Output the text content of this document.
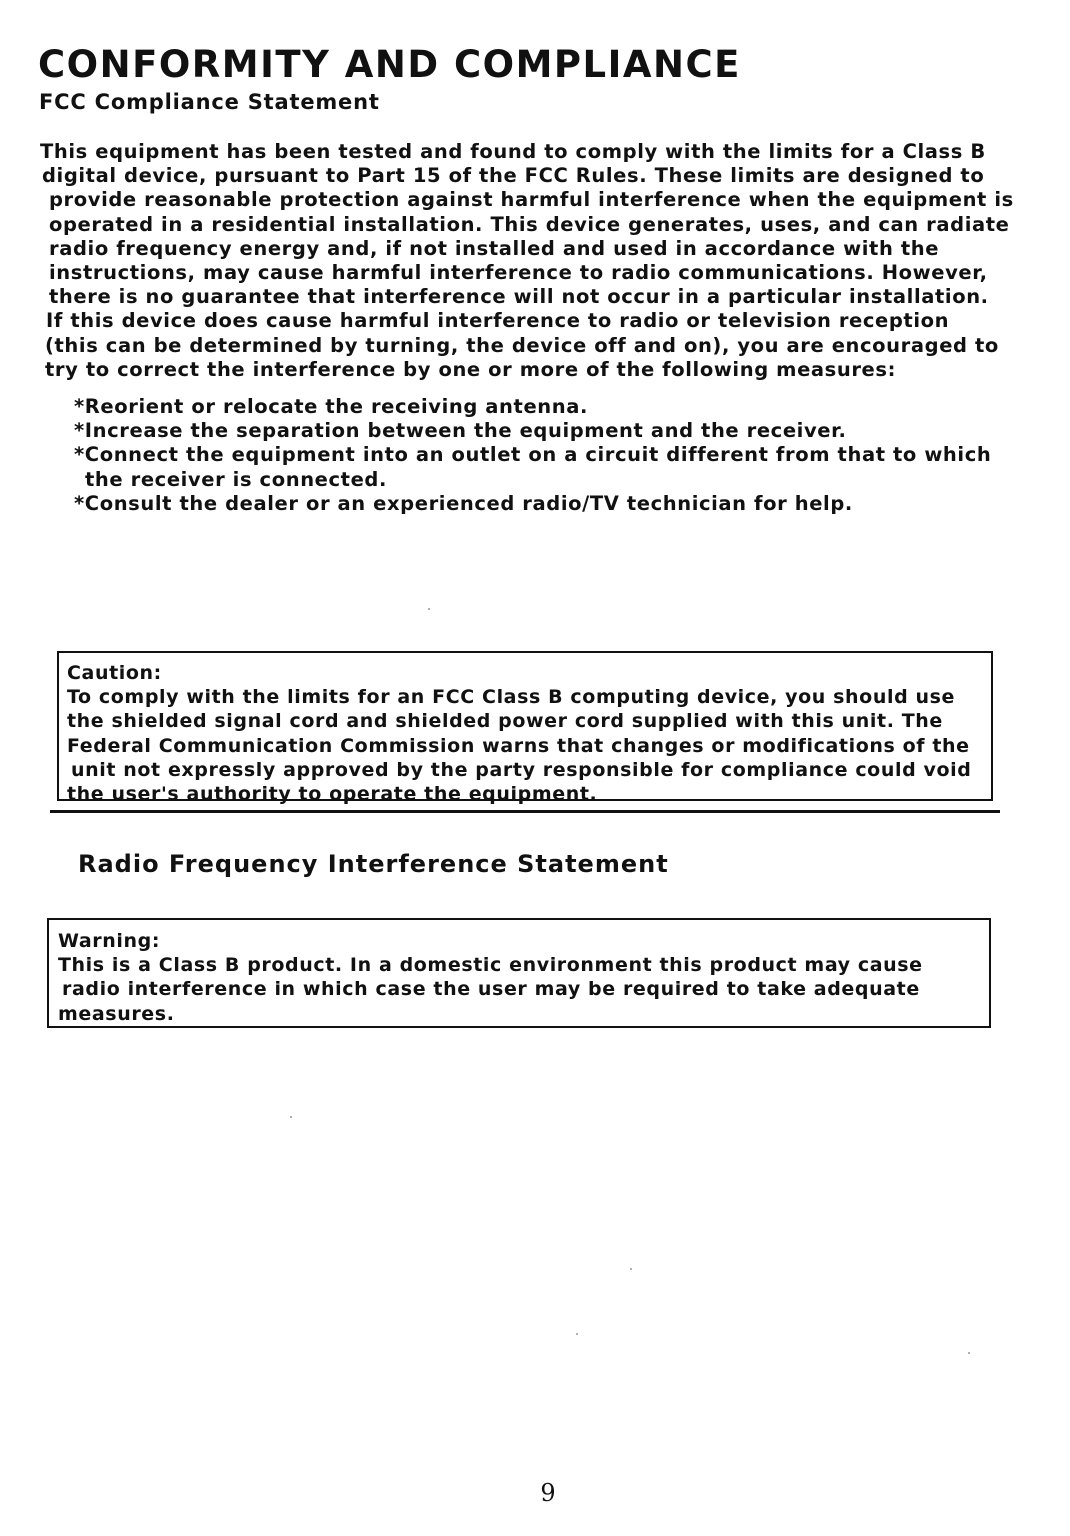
CONFORMITY AND COMPLIANCE
FCC Compliance Statement
This equipment has been tested and found to comply with the limits for a Class B
digital device, pursuant to Part 15 of the FCC Rules. These limits are designed to
provide reasonable protection against harmful interference when the equipment is
operated in a residential installation. This device generates, uses, and can radiate
radio frequency energy and, if not installed and used in accordance with the
instructions, may cause harmful interference to radio communications. However,
there is no guarantee that interference will not occur in a particular installation.
If this device does cause harmful interference to radio or television reception
(this can be determined by turning, the device off and on), you are encouraged to
try to correct the interference by one or more of the following measures:
*Reorient or relocate the receiving antenna.
*Increase the separation between the equipment and the receiver.
*Connect the equipment into an outlet on a circuit different from that to which
the receiver is connected.
*Consult the dealer or an experienced radio/TV technician for help.
Caution:
To comply with the limits for an FCC Class B computing device, you should use
the shielded signal cord and shielded power cord supplied with this unit. The
Federal Communication Commission warns that changes or modifications of the
unit not expressly approved by the party responsible for compliance could void
the user's authority to operate the equipment.
Radio Frequency Interference Statement
Warning:
This is a Class B product. In a domestic environment this product may cause
radio interference in which case the user may be required to take adequate
measures.
9
